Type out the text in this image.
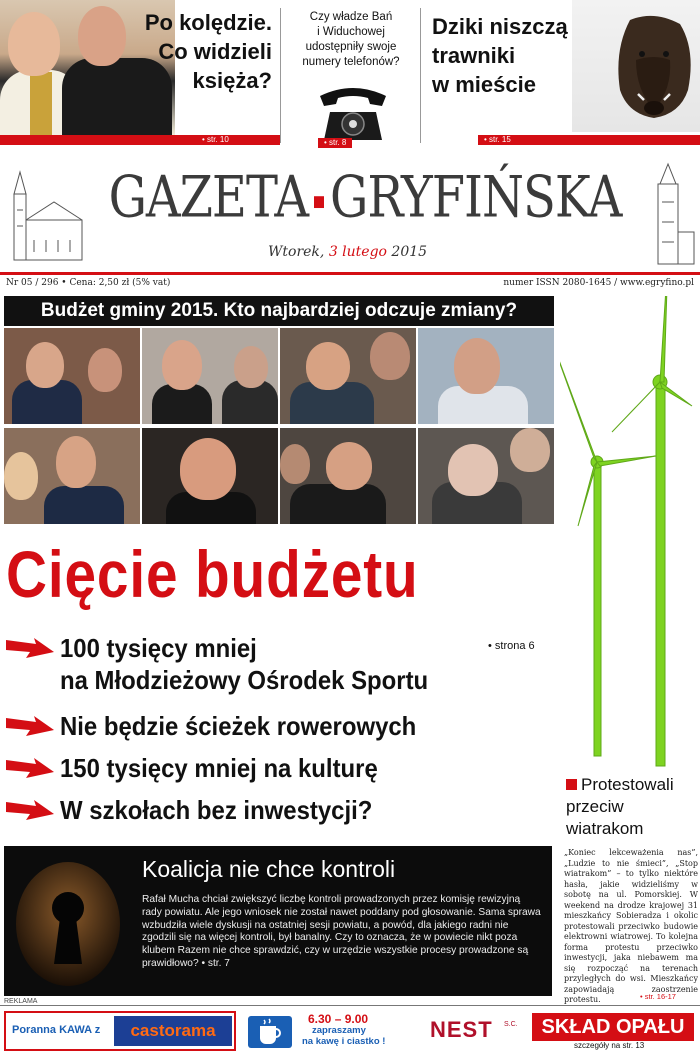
Po kolędzie.
Co widzieli
księża?
• str. 10
Czy władze Bań
i Widuchowej
udostępniły swoje
numery telefonów?
• str. 8
Dziki niszczą
trawniki
w mieście
• str. 15
GAZETA GRYFIŃSKA
Wtorek, 3 lutego 2015
Nr 05 / 296 • Cena: 2,50 zł (5% vat)	numer ISSN 2080-1645 / www.egryfino.pl
Budżet gminy 2015. Kto najbardziej odczuje zmiany?
Cięcie budżetu
100 tysięcy mniej
na Młodzieżowy Ośrodek Sportu
Nie będzie ścieżek rowerowych
150 tysięcy mniej na kulturę
W szkołach bez inwestycji?
• strona 6
Protestowali
przeciw
wiatrakom
„Koniec lekceważenia nas”, „Ludzie to nie śmieci”, „Stop wiatrakom” – to tylko niektóre hasła, jakie widzieliśmy w sobotę na ul. Pomorskiej. W weekend na drodze krajowej 31 mieszkańcy Sobieradza i okolic protestowali przeciwko budowie elektrowni wiatrowej. To kolejna forma protestu przeciwko inwestycji, jaka niebawem ma się rozpocząć na terenach przyległych do wsi. Mieszkańcy zapowiadają zaostrzenie protestu.	• str. 16-17
Koalicja nie chce kontroli
Rafał Mucha chciał zwiększyć liczbę kontroli prowadzonych przez komisję rewizyjną rady powiatu. Ale jego wniosek nie został nawet poddany pod głosowanie. Sama sprawa wzbudziła wiele dyskusji na ostatniej sesji powiatu, a powód, dla jakiego radni nie zgodzili się na więcej kontroli, był banalny. Czy to oznacza, że w powiecie nikt poza klubem Razem nie chce sprawdzić, czy w urzędzie wszystkie procesy prowadzone są prawidłowo? • str. 7
REKLAMA
Poranna KAWA z	castorama
6.30 – 9.00
zapraszamy
na kawę i ciastko ! NEST S.C.	SKŁAD OPAŁU
szczegóły na str. 13
